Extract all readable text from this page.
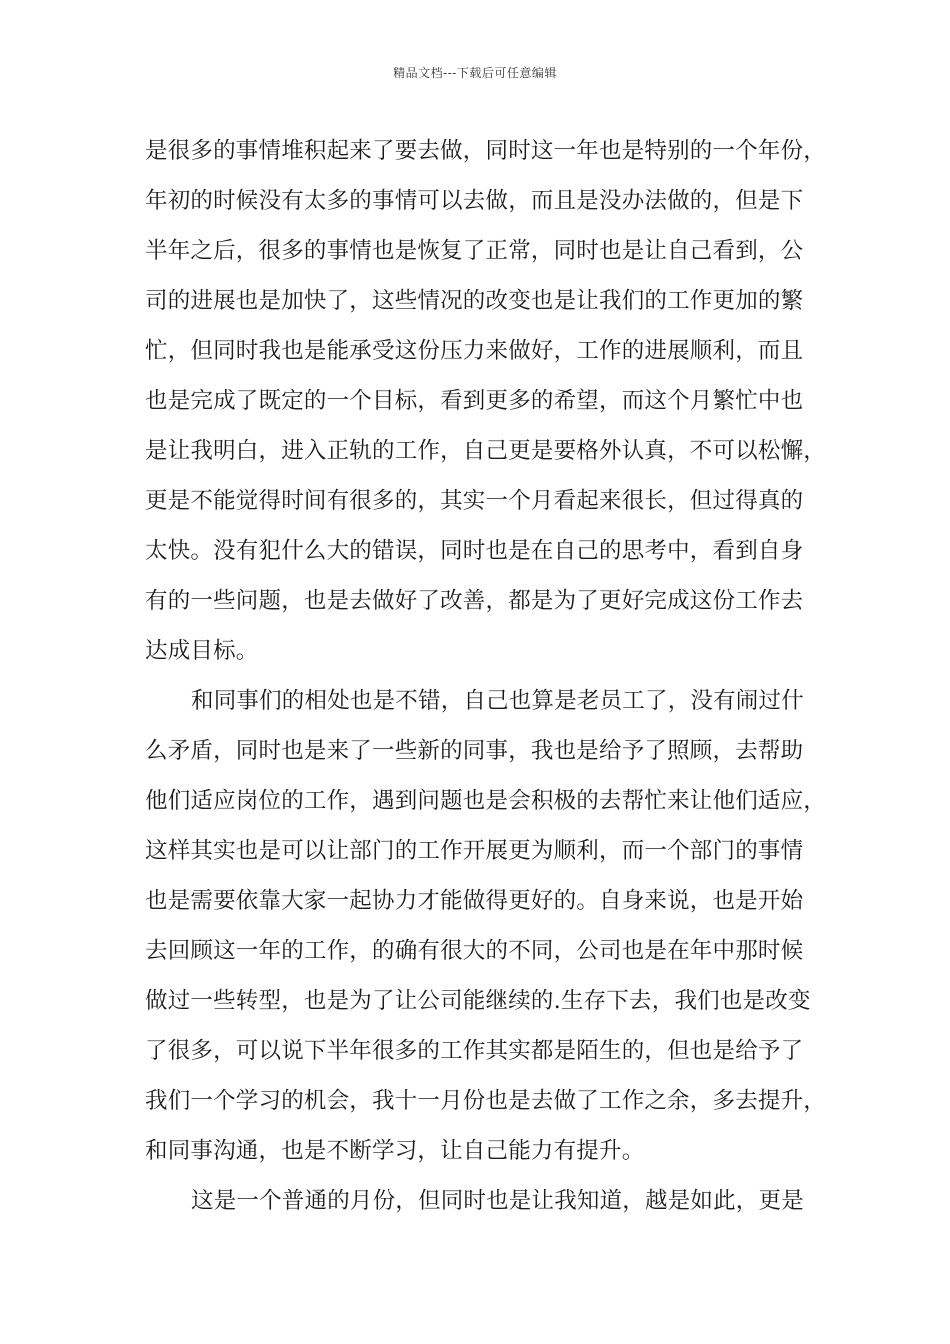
精品文档---下载后可任意编辑
是很多的事情堆积起来了要去做，同时这一年也是特别的一个年份，
年初的时候没有太多的事情可以去做，而且是没办法做的，但是下
半年之后，很多的事情也是恢复了正常，同时也是让自己看到，公
司的进展也是加快了，这些情况的改变也是让我们的工作更加的繁
忙，但同时我也是能承受这份压力来做好，工作的进展顺利，而且
也是完成了既定的一个目标，看到更多的希望，而这个月繁忙中也
是让我明白，进入正轨的工作，自己更是要格外认真，不可以松懈，
更是不能觉得时间有很多的，其实一个月看起来很长，但过得真的
太快。没有犯什么大的错误，同时也是在自己的思考中，看到自身
有的一些问题，也是去做好了改善，都是为了更好完成这份工作去
达成目标。
和同事们的相处也是不错，自己也算是老员工了，没有闹过什
么矛盾，同时也是来了一些新的同事，我也是给予了照顾，去帮助
他们适应岗位的工作，遇到问题也是会积极的去帮忙来让他们适应，
这样其实也是可以让部门的工作开展更为顺利，而一个部门的事情
也是需要依靠大家一起协力才能做得更好的。自身来说，也是开始
去回顾这一年的工作，的确有很大的不同，公司也是在年中那时候
做过一些转型，也是为了让公司能继续的.生存下去，我们也是改变
了很多，可以说下半年很多的工作其实都是陌生的，但也是给予了
我们一个学习的机会，我十一月份也是去做了工作之余，多去提升，
和同事沟通，也是不断学习，让自己能力有提升。
这是一个普通的月份，但同时也是让我知道，越是如此，更是
